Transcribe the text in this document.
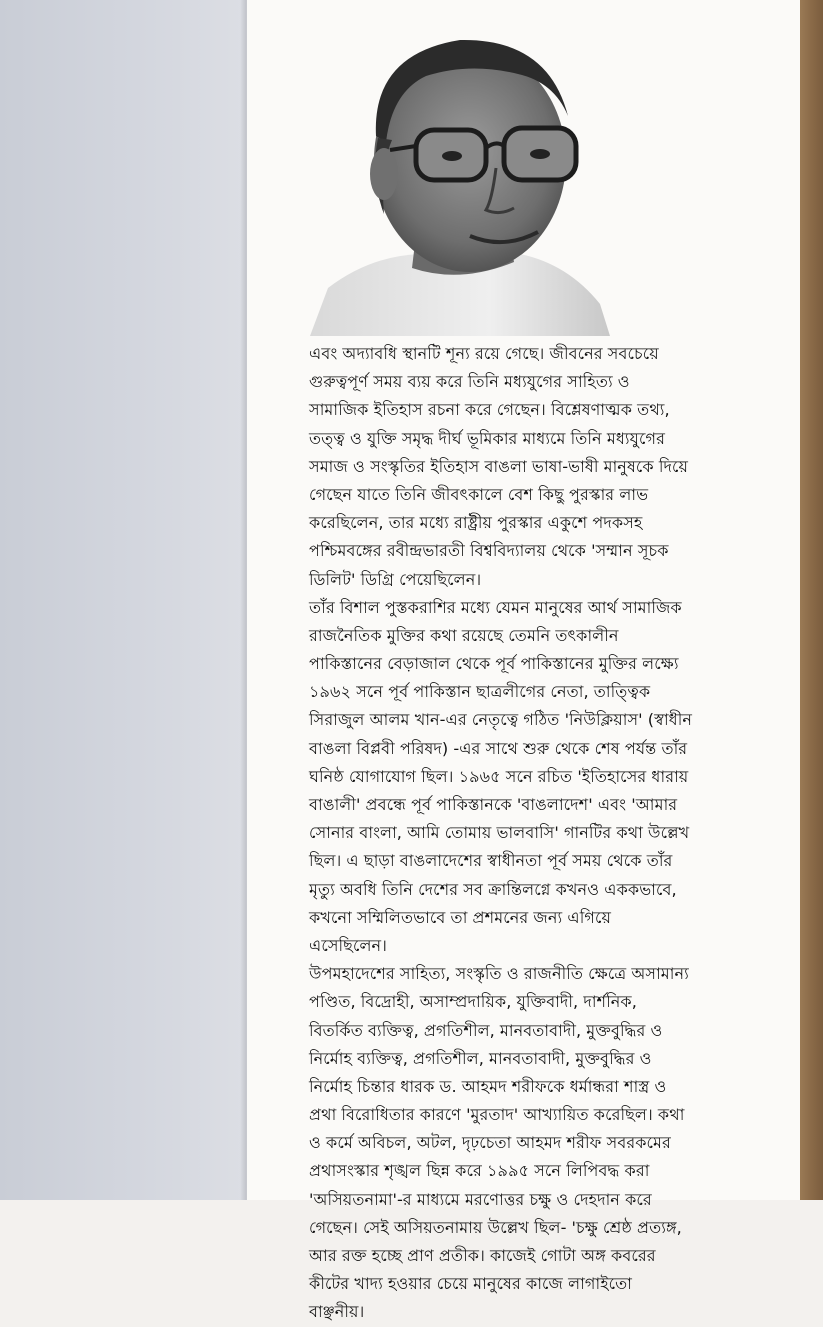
এবং অদ্যাবধি স্থানটি শূন্য রয়ে গেছে। জীবনের সবচেয়ে
গুরুত্বপূর্ণ সময় ব্যয় করে তিনি মধ্যযুগের সাহিত্য ও
সামাজিক ইতিহাস রচনা করে গেছেন। বিশ্লেষণাত্মক তথ্য,
তত্ত্ব ও যুক্তি সমৃদ্ধ দীর্ঘ ভূমিকার মাধ্যমে তিনি মধ্যযুগের
সমাজ ও সংস্কৃতির ইতিহাস বাঙলা ভাষা-ভাষী মানুষকে দিয়ে
গেছেন যাতে তিনি জীবৎকালে বেশ কিছু পুরস্কার লাভ
করেছিলেন, তার মধ্যে রাষ্ট্রীয় পুরস্কার একুশে পদকসহ
পশ্চিমবঙ্গের রবীন্দ্রভারতী বিশ্ববিদ্যালয় থেকে 'সম্মান সূচক
ডিলিট' ডিগ্রি পেয়েছিলেন।
তাঁর বিশাল পুস্তকরাশির মধ্যে যেমন মানুষের আর্থ সামাজিক
রাজনৈতিক মুক্তির কথা রয়েছে তেমনি তৎকালীন
পাকিস্তানের বেড়াজাল থেকে পূর্ব পাকিস্তানের মুক্তির লক্ষ্যে
১৯৬২ সনে পূর্ব পাকিস্তান ছাত্রলীগের নেতা, তাত্ত্বিক
সিরাজুল আলম খান-এর নেতৃত্বে গঠিত 'নিউক্লিয়াস' (স্বাধীন
বাঙলা বিপ্লবী পরিষদ) -এর সাথে শুরু থেকে শেষ পর্যন্ত তাঁর
ঘনিষ্ঠ যোগাযোগ ছিল। ১৯৬৫ সনে রচিত 'ইতিহাসের ধারায়
বাঙালী' প্রবন্ধে পূর্ব পাকিস্তানকে 'বাঙলাদেশ' এবং 'আমার
সোনার বাংলা, আমি তোমায় ভালবাসি' গানটির কথা উল্লেখ
ছিল। এ ছাড়া বাঙলাদেশের স্বাধীনতা পূর্ব সময় থেকে তাঁর
মৃত্যু অবধি তিনি দেশের সব ক্রান্তিলগ্নে কখনও এককভাবে,
কখনো সম্মিলিতভাবে তা প্রশমনের জন্য এগিয়ে
এসেছিলেন।
উপমহাদেশের সাহিত্য, সংস্কৃতি ও রাজনীতি ক্ষেত্রে অসামান্য
পণ্ডিত, বিদ্রোহী, অসাম্প্রদায়িক, যুক্তিবাদী, দার্শনিক,
বিতর্কিত ব্যক্তিত্ব, প্রগতিশীল, মানবতাবাদী, মুক্তবুদ্ধির ও
নির্মোহ ব্যক্তিত্ব, প্রগতিশীল, মানবতাবাদী, মুক্তবুদ্ধির ও
নির্মোহ চিন্তার ধারক ড. আহমদ শরীফকে ধর্মান্ধরা শাস্ত্র ও
প্রথা বিরোধিতার কারণে 'মুরতাদ' আখ্যায়িত করেছিল। কথা
ও কর্মে অবিচল, অটল, দৃঢ়চেতা আহমদ শরীফ সবরকমের
প্রথাসংস্কার শৃঙ্খল ছিন্ন করে ১৯৯৫ সনে লিপিবদ্ধ করা
'অসিয়তনামা'-র মাধ্যমে মরণোত্তর চক্ষু ও দেহদান করে
গেছেন। সেই অসিয়তনামায় উল্লেখ ছিল- 'চক্ষু শ্রেষ্ঠ প্রত্যঙ্গ,
আর রক্ত হচ্ছে প্রাণ প্রতীক। কাজেই গোটা অঙ্গ কবরের
কীটের খাদ্য হওয়ার চেয়ে মানুষের কাজে লাগাইতো
বাঞ্ছনীয়।
